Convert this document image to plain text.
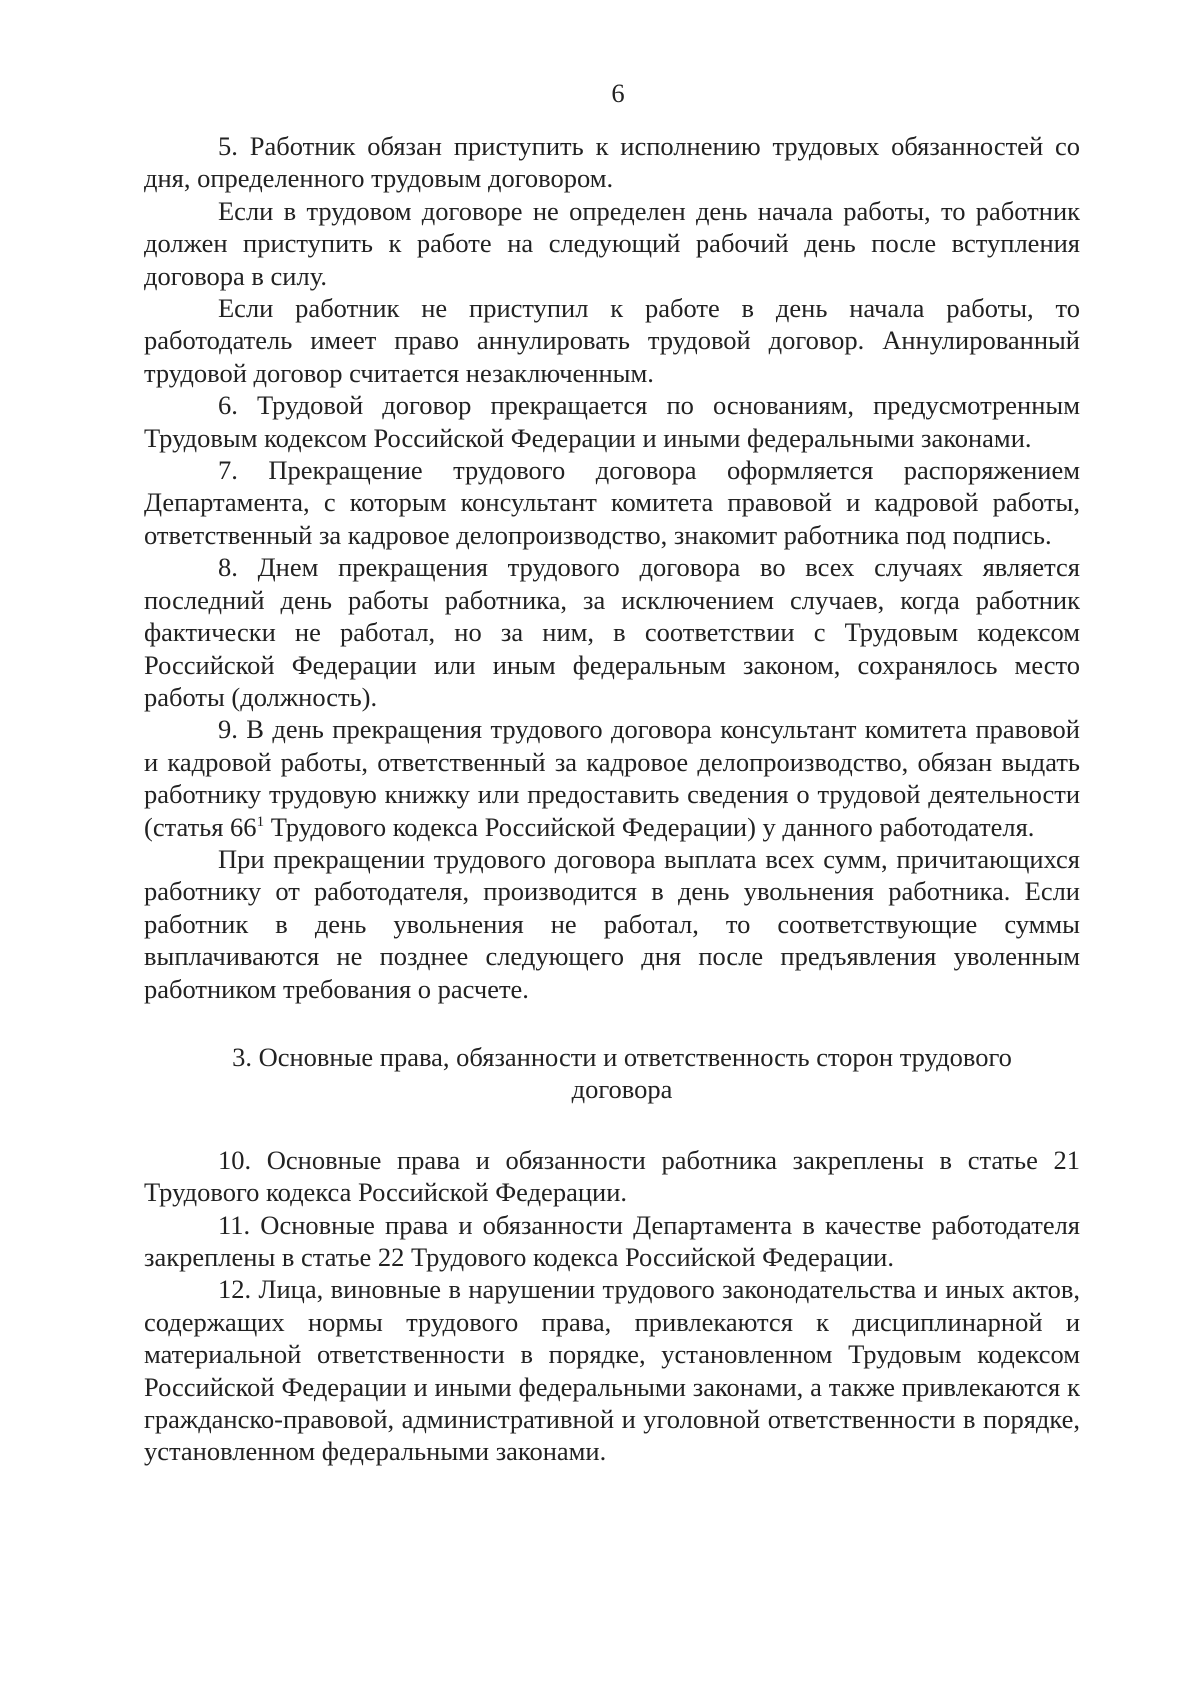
6

5. Работник обязан приступить к исполнению трудовых обязанностей со дня, определенного трудовым договором.

Если в трудовом договоре не определен день начала работы, то работник должен приступить к работе на следующий рабочий день после вступления договора в силу.

Если работник не приступил к работе в день начала работы, то работодатель имеет право аннулировать трудовой договор. Аннулированный трудовой договор считается незаключенным.

6. Трудовой договор прекращается по основаниям, предусмотренным Трудовым кодексом Российской Федерации и иными федеральными законами.

7. Прекращение трудового договора оформляется распоряжением Департамента, с которым консультант комитета правовой и кадровой работы, ответственный за кадровое делопроизводство, знакомит работника под подпись.

8. Днем прекращения трудового договора во всех случаях является последний день работы работника, за исключением случаев, когда работник фактически не работал, но за ним, в соответствии с Трудовым кодексом Российской Федерации или иным федеральным законом, сохранялось место работы (должность).

9. В день прекращения трудового договора консультант комитета правовой и кадровой работы, ответственный за кадровое делопроизводство, обязан выдать работнику трудовую книжку или предоставить сведения о трудовой деятельности (статья $66^1$ Трудового кодекса Российской Федерации) у данного работодателя.

При прекращении трудового договора выплата всех сумм, причитающихся работнику от работодателя, производится в день увольнения работника. Если работник в день увольнения не работал, то соответствующие суммы выплачиваются не позднее следующего дня после предъявления уволенным работником требования о расчете.

3. Основные права, обязанности и ответственность сторон трудового договора

10. Основные права и обязанности работника закреплены в статье 21 Трудового кодекса Российской Федерации.

11. Основные права и обязанности Департамента в качестве работодателя закреплены в статье 22 Трудового кодекса Российской Федерации.

12. Лица, виновные в нарушении трудового законодательства и иных актов, содержащих нормы трудового права, привлекаются к дисциплинарной и материальной ответственности в порядке, установленном Трудовым кодексом Российской Федерации и иными федеральными законами, а также привлекаются к гражданско-правовой, административной и уголовной ответственности в порядке, установленном федеральными законами.
